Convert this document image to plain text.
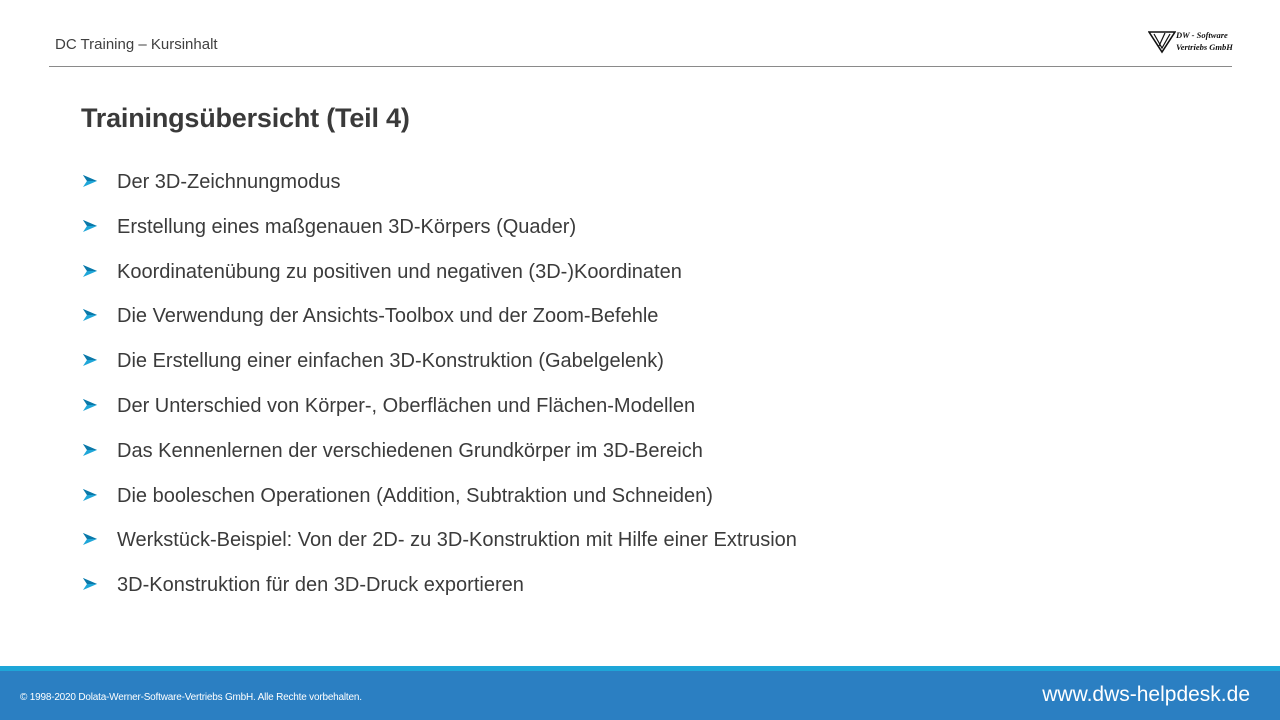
DC Training – Kursinhalt
DW - Software
Vertriebs GmbH
Trainingsübersicht (Teil 4)
Der 3D-Zeichnungmodus
Erstellung eines maßgenauen 3D-Körpers (Quader)
Koordinatenübung zu positiven und negativen (3D-)Koordinaten
Die Verwendung der Ansichts-Toolbox und der Zoom-Befehle
Die Erstellung einer einfachen 3D-Konstruktion (Gabelgelenk)
Der Unterschied von Körper-, Oberflächen und Flächen-Modellen
Das Kennenlernen der verschiedenen Grundkörper im 3D-Bereich
Die booleschen Operationen (Addition, Subtraktion und Schneiden)
Werkstück-Beispiel: Von der 2D- zu 3D-Konstruktion mit Hilfe einer Extrusion
3D-Konstruktion für den 3D-Druck exportieren
© 1998-2020 Dolata-Werner-Software-Vertriebs GmbH. Alle Rechte vorbehalten.	www.dws-helpdesk.de
